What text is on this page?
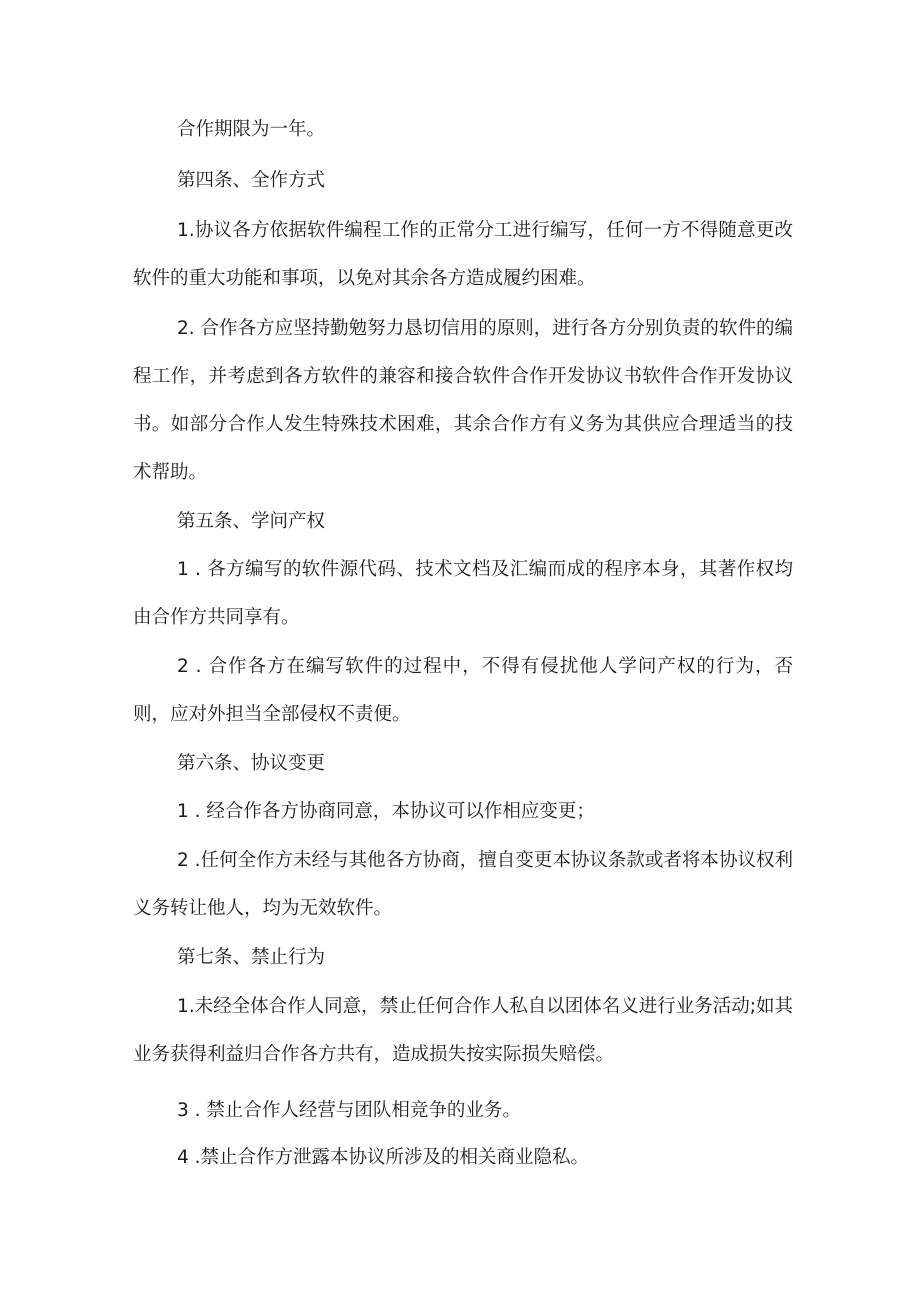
合作期限为一年。

第四条、全作方式

1.协议各方依据软件编程工作的正常分工进行编写，任何一方不得随意更改软件的重大功能和事项，以免对其余各方造成履约困难。

2. 合作各方应坚持勤勉努力恳切信用的原则，进行各方分别负责的软件的编程工作，并考虑到各方软件的兼容和接合软件合作开发协议书软件合作开发协议书。如部分合作人发生特殊技术困难，其余合作方有义务为其供应合理适当的技术帮助。

第五条、学问产权

1 . 各方编写的软件源代码、技术文档及汇编而成的程序本身，其著作权均由合作方共同享有。

2 . 合作各方在编写软件的过程中，不得有侵扰他人学问产权的行为，否则，应对外担当全部侵权不责便。

第六条、协议变更

1 . 经合作各方协商同意，本协议可以作相应变更；

2 .任何全作方未经与其他各方协商，擅自变更本协议条款或者将本协议权利义务转让他人，均为无效软件。

第七条、禁止行为

1.未经全体合作人同意，禁止任何合作人私自以团体名义进行业务活动;如其业务获得利益归合作各方共有，造成损失按实际损失赔偿。

3 . 禁止合作人经营与团队相竞争的业务。

4 .禁止合作方泄露本协议所涉及的相关商业隐私。
